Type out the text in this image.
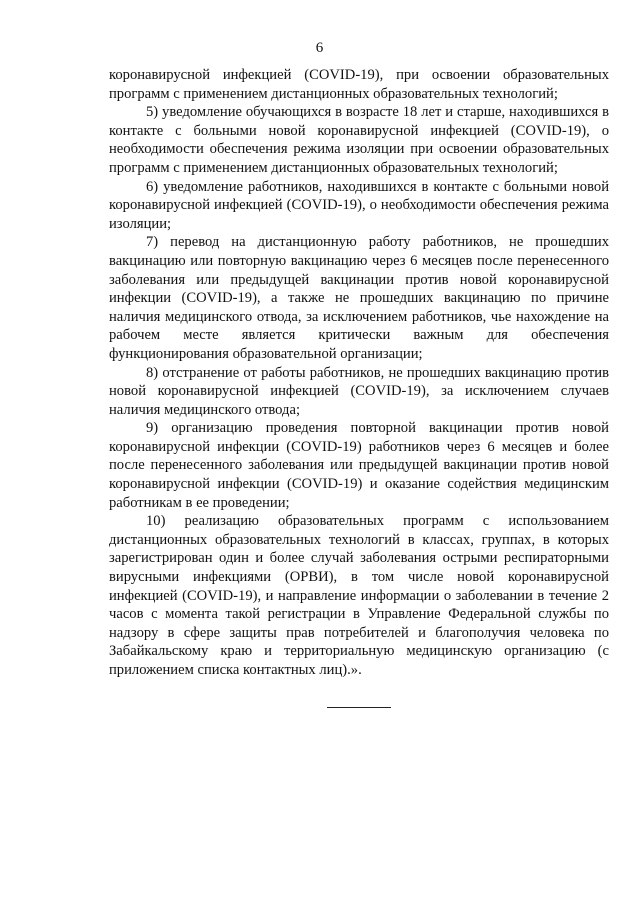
6

коронавирусной инфекцией (COVID-19), при освоении образовательных программ с применением дистанционных образовательных технологий;

5) уведомление обучающихся в возрасте 18 лет и старше, находившихся в контакте с больными новой коронавирусной инфекцией (COVID-19), о необходимости обеспечения режима изоляции при освоении образовательных программ с применением дистанционных образовательных технологий;

6) уведомление работников, находившихся в контакте с больными новой коронавирусной инфекцией (COVID-19), о необходимости обеспечения режима изоляции;

7) перевод на дистанционную работу работников, не прошедших вакцинацию или повторную вакцинацию через 6 месяцев после перенесенного заболевания или предыдущей вакцинации против новой коронавирусной инфекции (COVID-19), а также не прошедших вакцинацию по причине наличия медицинского отвода, за исключением работников, чье нахождение на рабочем месте является критически важным для обеспечения функционирования образовательной организации;

8) отстранение от работы работников, не прошедших вакцинацию против новой коронавирусной инфекцией (COVID-19), за исключением случаев наличия медицинского отвода;

9) организацию проведения повторной вакцинации против новой коронавирусной инфекции (COVID-19) работников через 6 месяцев и более после перенесенного заболевания или предыдущей вакцинации против новой коронавирусной инфекции (COVID-19) и оказание содействия медицинским работникам в ее проведении;

10) реализацию образовательных программ с использованием дистанционных образовательных технологий в классах, группах, в которых зарегистрирован один и более случай заболевания острыми респираторными вирусными инфекциями (ОРВИ), в том числе новой коронавирусной инфекцией (COVID-19), и направление информации о заболевании в течение 2 часов с момента такой регистрации в Управление Федеральной службы по надзору в сфере защиты прав потребителей и благополучия человека по Забайкальскому краю и территориальную медицинскую организацию (с приложением списка контактных лиц).».
